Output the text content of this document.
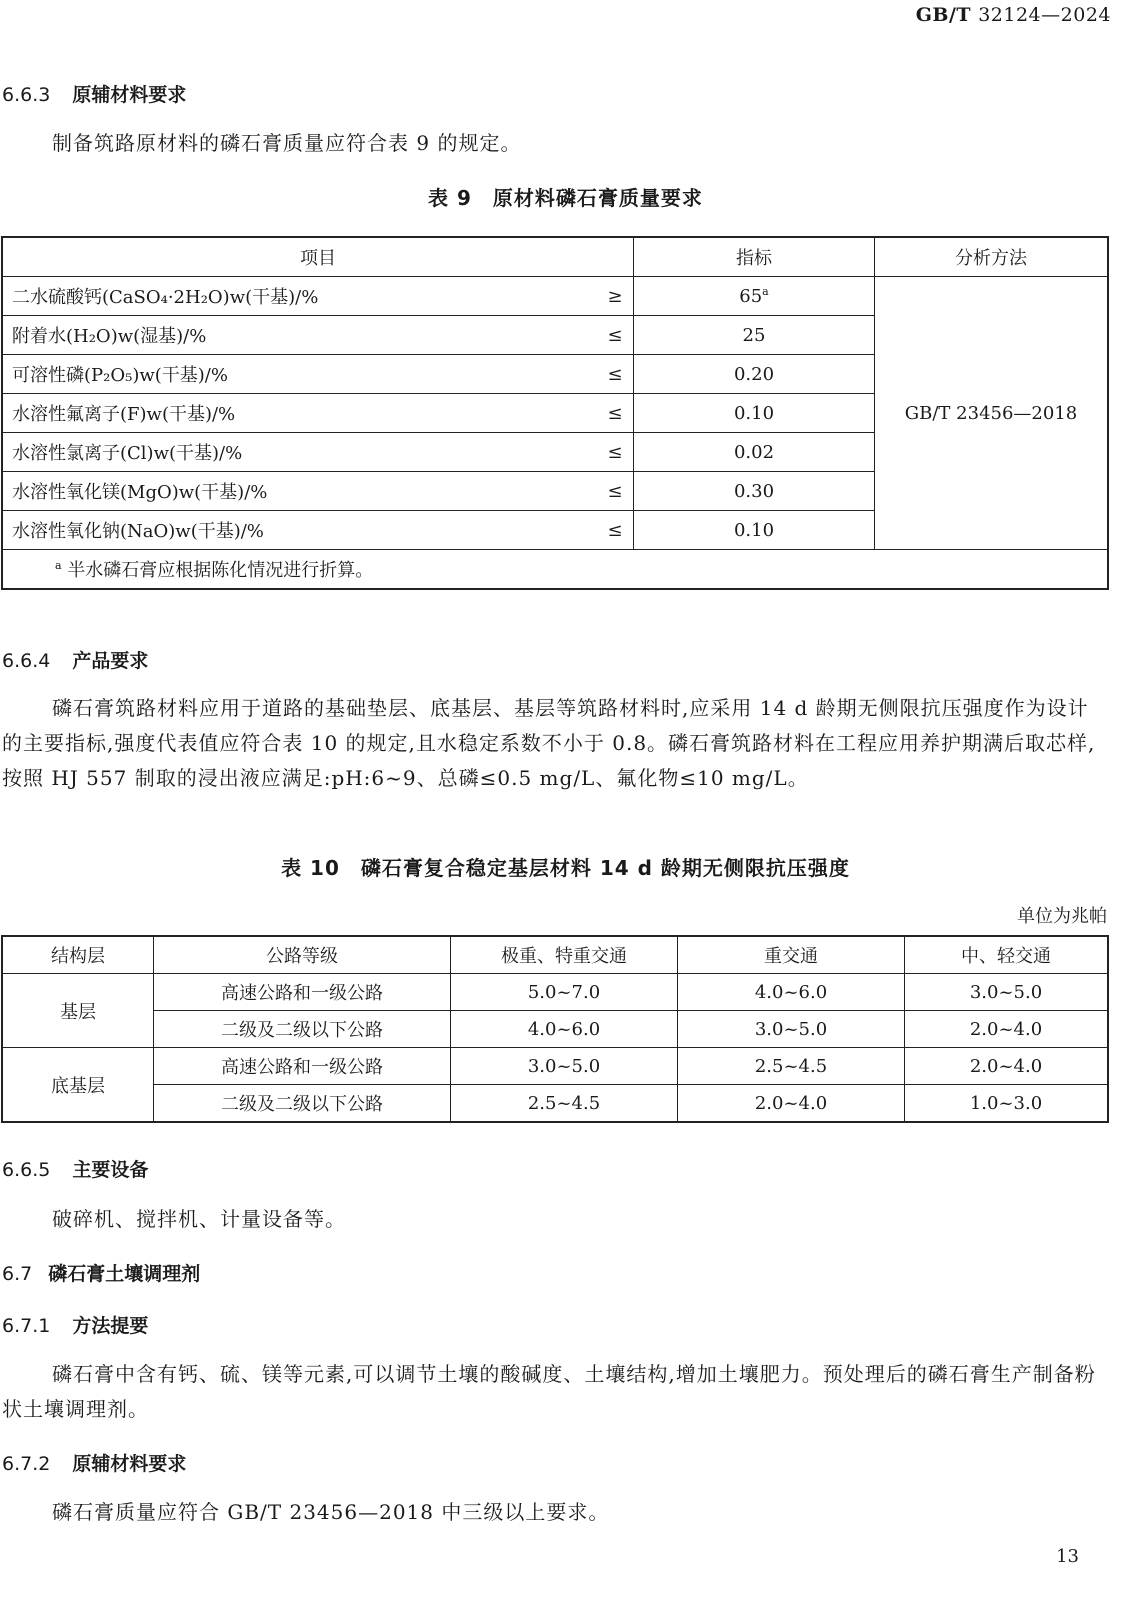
GB/T 32124—2024
6.6.3 原辅材料要求
制备筑路原材料的磷石膏质量应符合表 9 的规定。
表 9　原材料磷石膏质量要求
项目		指标	分析方法
二水硫酸钙(CaSO₄·2H₂O)w(干基)/%	≥	$65^a$	GB/T 23456—2018
附着水(H₂O)w(湿基)/%	≤	25	
可溶性磷(P₂O₅)w(干基)/%	≤	0.20	
水溶性氟离子(F)w(干基)/%	≤	0.10	
水溶性氯离子(Cl)w(干基)/%	≤	0.02	
水溶性氧化镁(MgO)w(干基)/%	≤	0.30	
水溶性氧化钠(NaO)w(干基)/%	≤	0.10	
$^a$ 半水磷石膏应根据陈化情况进行折算。			
6.6.4 产品要求
磷石膏筑路材料应用于道路的基础垫层、底基层、基层等筑路材料时,应采用 14 d 龄期无侧限抗压强度作为设计的主要指标,强度代表值应符合表 10 的规定,且水稳定系数不小于 0.8。磷石膏筑路材料在工程应用养护期满后取芯样,按照 HJ 557 制取的浸出液应满足:pH:6~9、总磷≤0.5 mg/L、氟化物≤10 mg/L。
表 10　磷石膏复合稳定基层材料 14 d 龄期无侧限抗压强度
单位为兆帕
结构层	公路等级	极重、特重交通	重交通	中、轻交通
基层	高速公路和一级公路	5.0~7.0	4.0~6.0	3.0~5.0
	二级及二级以下公路	4.0~6.0	3.0~5.0	2.0~4.0
底基层	高速公路和一级公路	3.0~5.0	2.5~4.5	2.0~4.0
	二级及二级以下公路	2.5~4.5	2.0~4.0	1.0~3.0
6.6.5 主要设备
破碎机、搅拌机、计量设备等。
6.7 磷石膏土壤调理剂
6.7.1 方法提要
磷石膏中含有钙、硫、镁等元素,可以调节土壤的酸碱度、土壤结构,增加土壤肥力。预处理后的磷石膏生产制备粉状土壤调理剂。
6.7.2 原辅材料要求
磷石膏质量应符合 GB/T 23456—2018 中三级以上要求。
13
